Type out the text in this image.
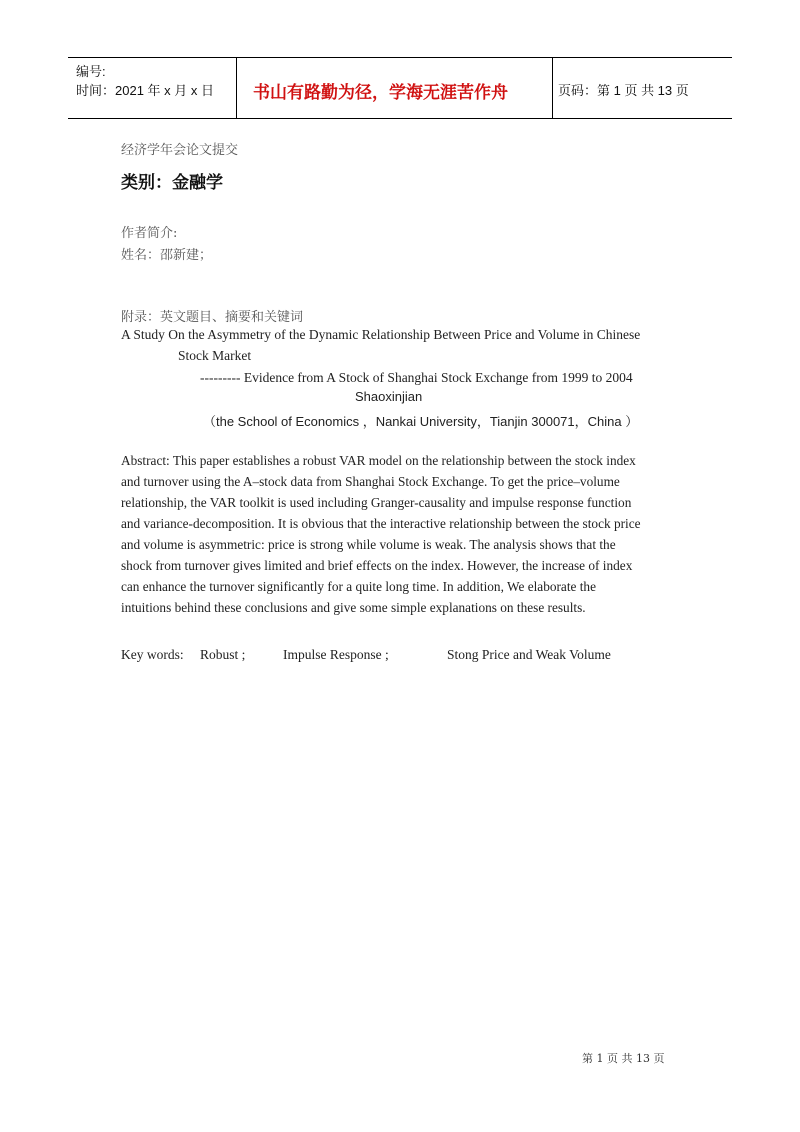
编号:
时间：2021 年 x 月 x 日 书山有路勤为径，学海无涯苦作舟	页码：第 1 页 共 13 页
经济学年会论文提交
类别：金融学
作者简介:
姓名：邵新建；
附录：英文题目、摘要和关键词
A Study On the Asymmetry of the Dynamic Relationship Between Price and Volume in Chinese
Stock Market
--------- Evidence from A Stock of Shanghai Stock Exchange from 1999 to 2004
Shaoxinjian
（the School of Economics ，Nankai University，Tianjin 300071，China ）
Abstract: This paper establishes a robust VAR model on the relationship between the stock index
and turnover using the A–stock data from Shanghai Stock Exchange. To get the price–volume
relationship, the VAR toolkit is used including Granger-causality and impulse response function
and variance-decomposition. It is obvious that the interactive relationship between the stock price
and volume is asymmetric: price is strong while volume is weak. The analysis shows that the
shock from turnover gives limited and brief effects on the index. However, the increase of index
can enhance the turnover significantly for a quite long time. In addition, We elaborate the
intuitions behind these conclusions and give some simple explanations on these results.
Key words: Robust ;	Impulse Response ;	Stong Price and Weak Volume
第 1 页 共 13 页
